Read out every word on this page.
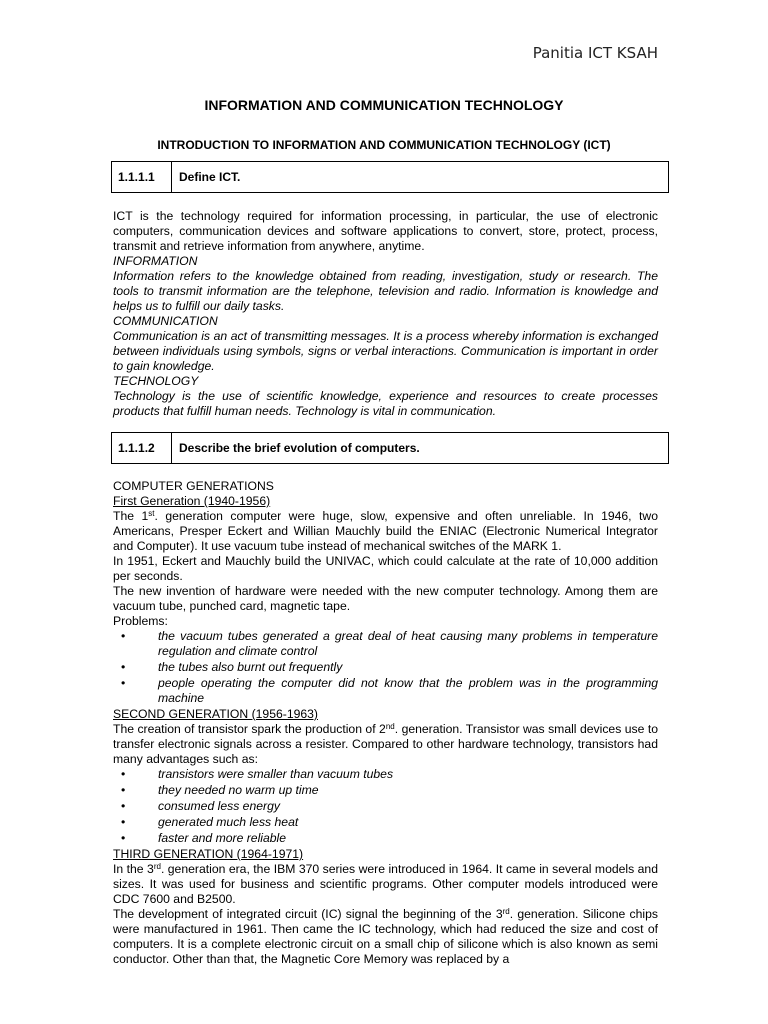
Panitia ICT KSAH
INFORMATION AND COMMUNICATION TECHNOLOGY
INTRODUCTION TO INFORMATION AND COMMUNICATION TECHNOLOGY (ICT)
1.1.1.1	Define ICT.

ICT is the technology required for information processing, in particular, the use of electronic computers, communication devices and software applications to convert, store, protect, process, transmit and retrieve information from anywhere, anytime.

INFORMATION

Information refers to the knowledge obtained from reading, investigation, study or research. The tools to transmit information are the telephone, television and radio. Information is knowledge and helps us to fulfill our daily tasks.

COMMUNICATION

Communication is an act of transmitting messages. It is a process whereby information is exchanged between individuals using symbols, signs or verbal interactions. Communication is important in order to gain knowledge.

TECHNOLOGY

Technology is the use of scientific knowledge, experience and resources to create processes products that fulfill human needs. Technology is vital in communication.

1.1.1.2	Describe the brief evolution of computers.

COMPUTER GENERATIONS

First Generation (1940-1956)

The 1st. generation computer were huge, slow, expensive and often unreliable. In 1946, two Americans, Presper Eckert and Willian Mauchly build the ENIAC (Electronic Numerical Integrator and Computer). It use vacuum tube instead of mechanical switches of the MARK 1.

In 1951, Eckert and Mauchly build the UNIVAC, which could calculate at the rate of 10,000 addition per seconds.

The new invention of hardware were needed with the new computer technology. Among them are vacuum tube, punched card, magnetic tape.

Problems:

• the vacuum tubes generated a great deal of heat causing many problems in temperature regulation and climate control
• the tubes also burnt out frequently
• people operating the computer did not know that the problem was in the programming machine

SECOND GENERATION (1956-1963)

The creation of transistor spark the production of 2nd. generation. Transistor was small devices use to transfer electronic signals across a resister. Compared to other hardware technology, transistors had many advantages such as:

• transistors were smaller than vacuum tubes
• they needed no warm up time
• consumed less energy
• generated much less heat
• faster and more reliable

THIRD GENERATION (1964-1971)

In the 3rd. generation era, the IBM 370 series were introduced in 1964. It came in several models and sizes. It was used for business and scientific programs. Other computer models introduced were CDC 7600 and B2500.

The development of integrated circuit (IC) signal the beginning of the 3rd. generation. Silicone chips were manufactured in 1961. Then came the IC technology, which had reduced the size and cost of computers. It is a complete electronic circuit on a small chip of silicone which is also known as semi conductor. Other than that, the Magnetic Core Memory was replaced by a
